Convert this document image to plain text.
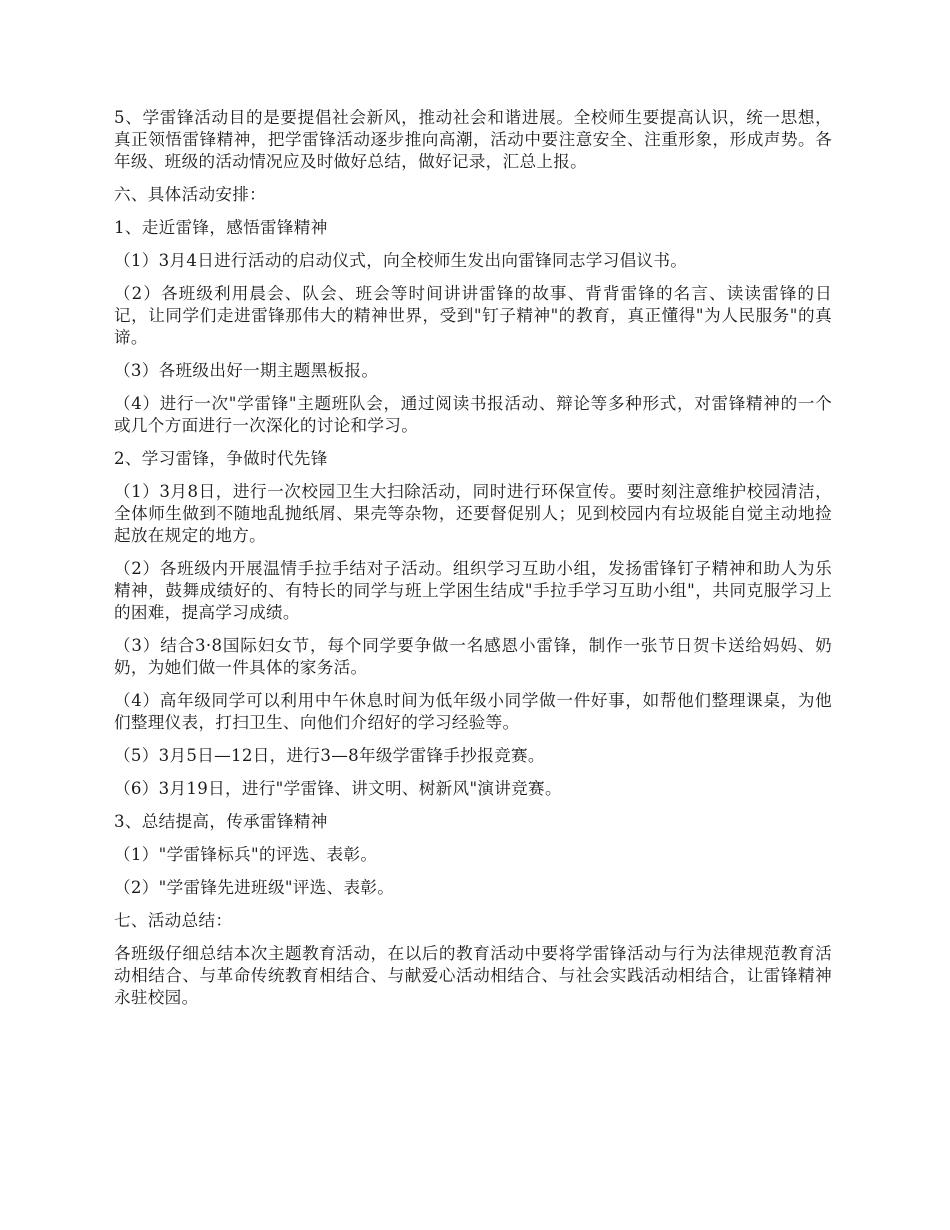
5、学雷锋活动目的是要提倡社会新风，推动社会和谐进展。全校师生要提高认识，统一思想，真正领悟雷锋精神，把学雷锋活动逐步推向高潮，活动中要注意安全、注重形象，形成声势。各年级、班级的活动情况应及时做好总结，做好记录，汇总上报。

六、具体活动安排：

1、走近雷锋，感悟雷锋精神

（1）3月4日进行活动的启动仪式，向全校师生发出向雷锋同志学习倡议书。

（2）各班级利用晨会、队会、班会等时间讲讲雷锋的故事、背背雷锋的名言、读读雷锋的日记，让同学们走进雷锋那伟大的精神世界，受到"钉子精神"的教育，真正懂得"为人民服务"的真谛。

（3）各班级出好一期主题黑板报。

（4）进行一次"学雷锋"主题班队会，通过阅读书报活动、辩论等多种形式，对雷锋精神的一个或几个方面进行一次深化的讨论和学习。

2、学习雷锋，争做时代先锋

（1）3月8日，进行一次校园卫生大扫除活动，同时进行环保宣传。要时刻注意维护校园清洁，全体师生做到不随地乱抛纸屑、果壳等杂物，还要督促别人；见到校园内有垃圾能自觉主动地捡起放在规定的地方。

（2）各班级内开展温情手拉手结对子活动。组织学习互助小组，发扬雷锋钉子精神和助人为乐精神，鼓舞成绩好的、有特长的同学与班上学困生结成"手拉手学习互助小组"，共同克服学习上的困难，提高学习成绩。

（3）结合3·8国际妇女节，每个同学要争做一名感恩小雷锋，制作一张节日贺卡送给妈妈、奶奶，为她们做一件具体的家务活。

（4）高年级同学可以利用中午休息时间为低年级小同学做一件好事，如帮他们整理课桌，为他们整理仪表，打扫卫生、向他们介绍好的学习经验等。

（5）3月5日—12日，进行3—8年级学雷锋手抄报竞赛。

（6）3月19日，进行"学雷锋、讲文明、树新风"演讲竞赛。

3、总结提高，传承雷锋精神

（1）"学雷锋标兵"的评选、表彰。

（2）"学雷锋先进班级"评选、表彰。

七、活动总结：

各班级仔细总结本次主题教育活动，在以后的教育活动中要将学雷锋活动与行为法律规范教育活动相结合、与革命传统教育相结合、与献爱心活动相结合、与社会实践活动相结合，让雷锋精神永驻校园。
